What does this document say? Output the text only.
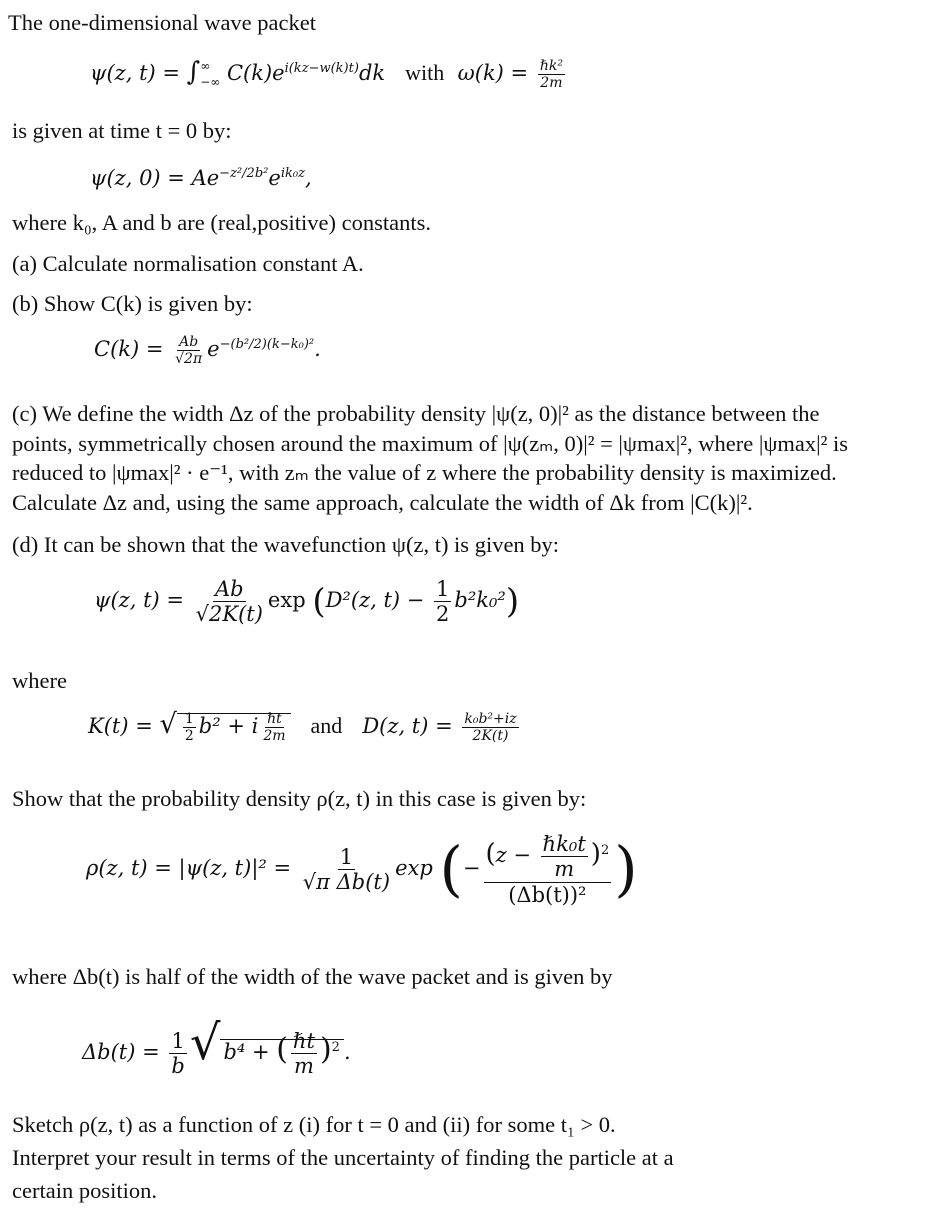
The one-dimensional wave packet
ψ(z, t) = ∫ ∞
−∞ $C(k)e^{i(kz-w(k)t)}dk$ with $\omega(k) = \frac{\text{ℏk²}}{2m}$
is given at time t = 0 by:
ψ(z, $0) = Ae^{-z^2/2b^2}e^{ik_0z}$,
where k₀, A and b are (real,positive) constants.
(a) Calculate normalisation constant A.
(b) Show C(k) is given by:
$C(k) = \frac{Ab}{√2\pi} e^{-(b^2/2)(k-k_0)^2}$.
(c) We define the width Δz of the probability density |ψ(z, 0)|² as the distance between the
points, symmetrically chosen around the maximum of |ψ(zₘ, 0)|² = |ψmax|², where |ψmax|² is
reduced to |ψmax|² · e⁻¹, with zₘ the value of z where the probability density is maximized.
Calculate Δz and, using the same approach, calculate the width of Δk from |C(k)|².
(d) It can be shown that the wavefunction ψ(z, t) is given by:
ψ(z, $t) = \frac{Ab}{√2K(t)}$ exp (D²(z, $t) - \frac{1}{2} b^2k_0^2$)
where
K(t) = √ $\frac{1}{2} b^2 + i \frac{\text{ℏt}}{2m}$ and D(z, $t) = \frac{\text{k₀b²+iz}}{2K(t)}$
Show that the probability density ρ(z, t) in this case is given by:
ρ(z, t) = |ψ(z, $t)|^2 = \frac{1}{\text{√π Δb(t)}}$ exp (− $\frac{(z - \frac{\text{ℏk₀t}}{m} )^2}{\text{(Δb(t))²}}$ )
where Δb(t) is half of the width of the wave packet and is given by
$\Delta b(t) = \frac{1}{b}$ √ b⁴ + ( $\frac{\text{ℏt}}{m} )^2$ .
Sketch ρ(z, t) as a function of z (i) for t = 0 and (ii) for some t₁ > 0.
Interpret your result in terms of the uncertainty of finding the particle at a
certain position.
